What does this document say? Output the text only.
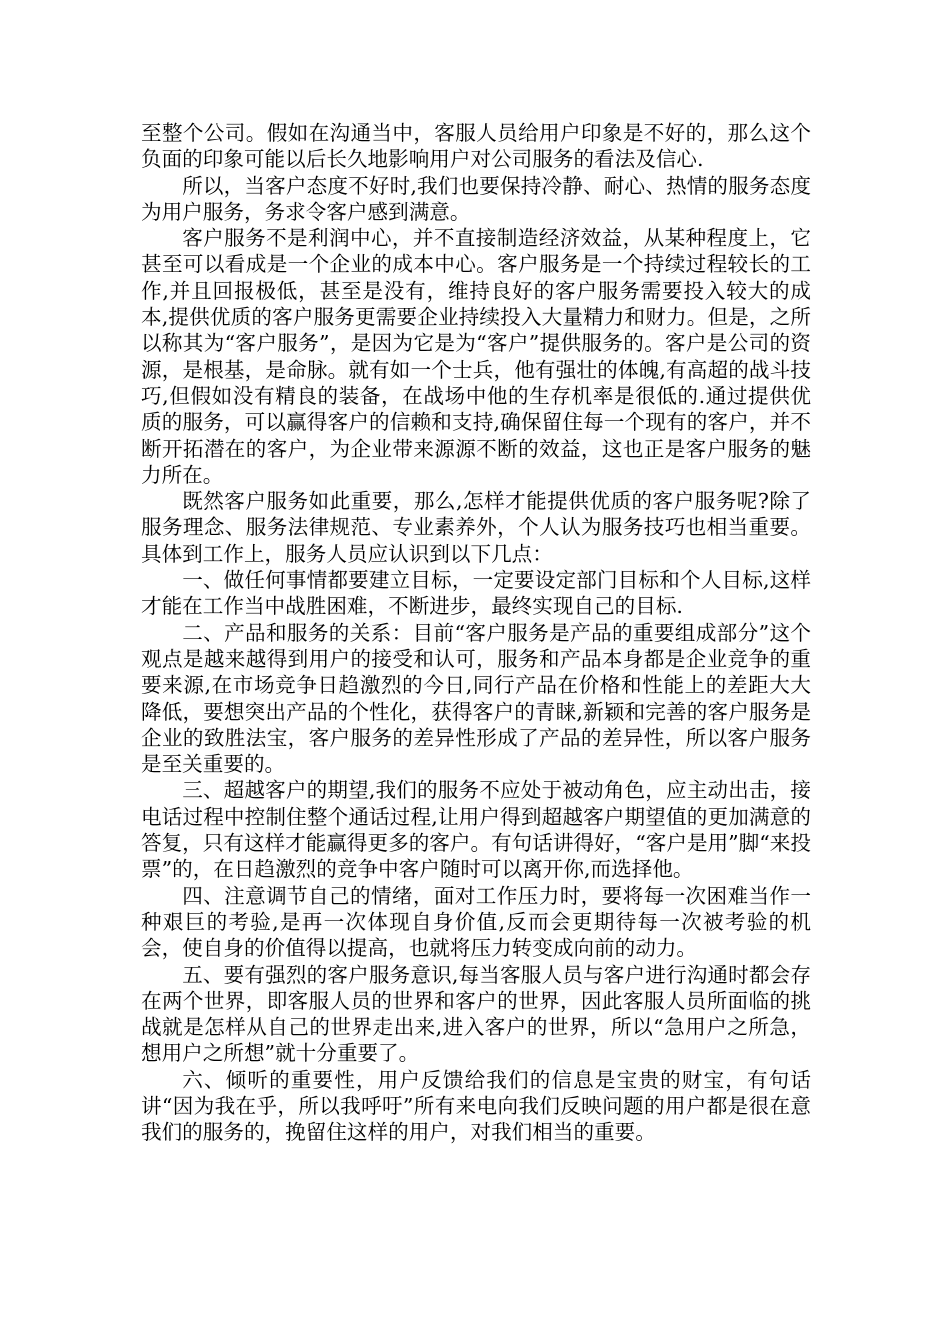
至整个公司。假如在沟通当中，客服人员给用户印象是不好的，那么这个负面的印象可能以后长久地影响用户对公司服务的看法及信心.

所以，当客户态度不好时,我们也要保持冷静、耐心、热情的服务态度为用户服务，务求令客户感到满意。

客户服务不是利润中心，并不直接制造经济效益，从某种程度上，它甚至可以看成是一个企业的成本中心。客户服务是一个持续过程较长的工作,并且回报极低，甚至是没有，维持良好的客户服务需要投入较大的成本,提供优质的客户服务更需要企业持续投入大量精力和财力。但是，之所以称其为“客户服务”，是因为它是为“客户”提供服务的。客户是公司的资源，是根基，是命脉。就有如一个士兵，他有强壮的体魄,有高超的战斗技巧,但假如没有精良的装备，在战场中他的生存机率是很低的.通过提供优质的服务，可以赢得客户的信赖和支持,确保留住每一个现有的客户，并不断开拓潜在的客户，为企业带来源源不断的效益，这也正是客户服务的魅力所在。

既然客户服务如此重要，那么,怎样才能提供优质的客户服务呢?除了服务理念、服务法律规范、专业素养外，个人认为服务技巧也相当重要。具体到工作上，服务人员应认识到以下几点：

一、做任何事情都要建立目标，一定要设定部门目标和个人目标,这样才能在工作当中战胜困难，不断进步，最终实现自己的目标.

二、产品和服务的关系：目前“客户服务是产品的重要组成部分”这个观点是越来越得到用户的接受和认可，服务和产品本身都是企业竞争的重要来源,在市场竞争日趋激烈的今日,同行产品在价格和性能上的差距大大降低，要想突出产品的个性化，获得客户的青睐,新颖和完善的客户服务是企业的致胜法宝，客户服务的差异性形成了产品的差异性，所以客户服务是至关重要的。

三、超越客户的期望,我们的服务不应处于被动角色，应主动出击，接电话过程中控制住整个通话过程,让用户得到超越客户期望值的更加满意的答复，只有这样才能赢得更多的客户。有句话讲得好，“客户是用”脚“来投票”的，在日趋激烈的竞争中客户随时可以离开你,而选择他。

四、注意调节自己的情绪，面对工作压力时，要将每一次困难当作一种艰巨的考验,是再一次体现自身价值,反而会更期待每一次被考验的机会，使自身的价值得以提高，也就将压力转变成向前的动力。

五、要有强烈的客户服务意识,每当客服人员与客户进行沟通时都会存在两个世界，即客服人员的世界和客户的世界，因此客服人员所面临的挑战就是怎样从自己的世界走出来,进入客户的世界，所以“急用户之所急，想用户之所想”就十分重要了。

六、倾听的重要性，用户反馈给我们的信息是宝贵的财宝，有句话讲“因为我在乎，所以我呼吁”所有来电向我们反映问题的用户都是很在意我们的服务的，挽留住这样的用户，对我们相当的重要。
